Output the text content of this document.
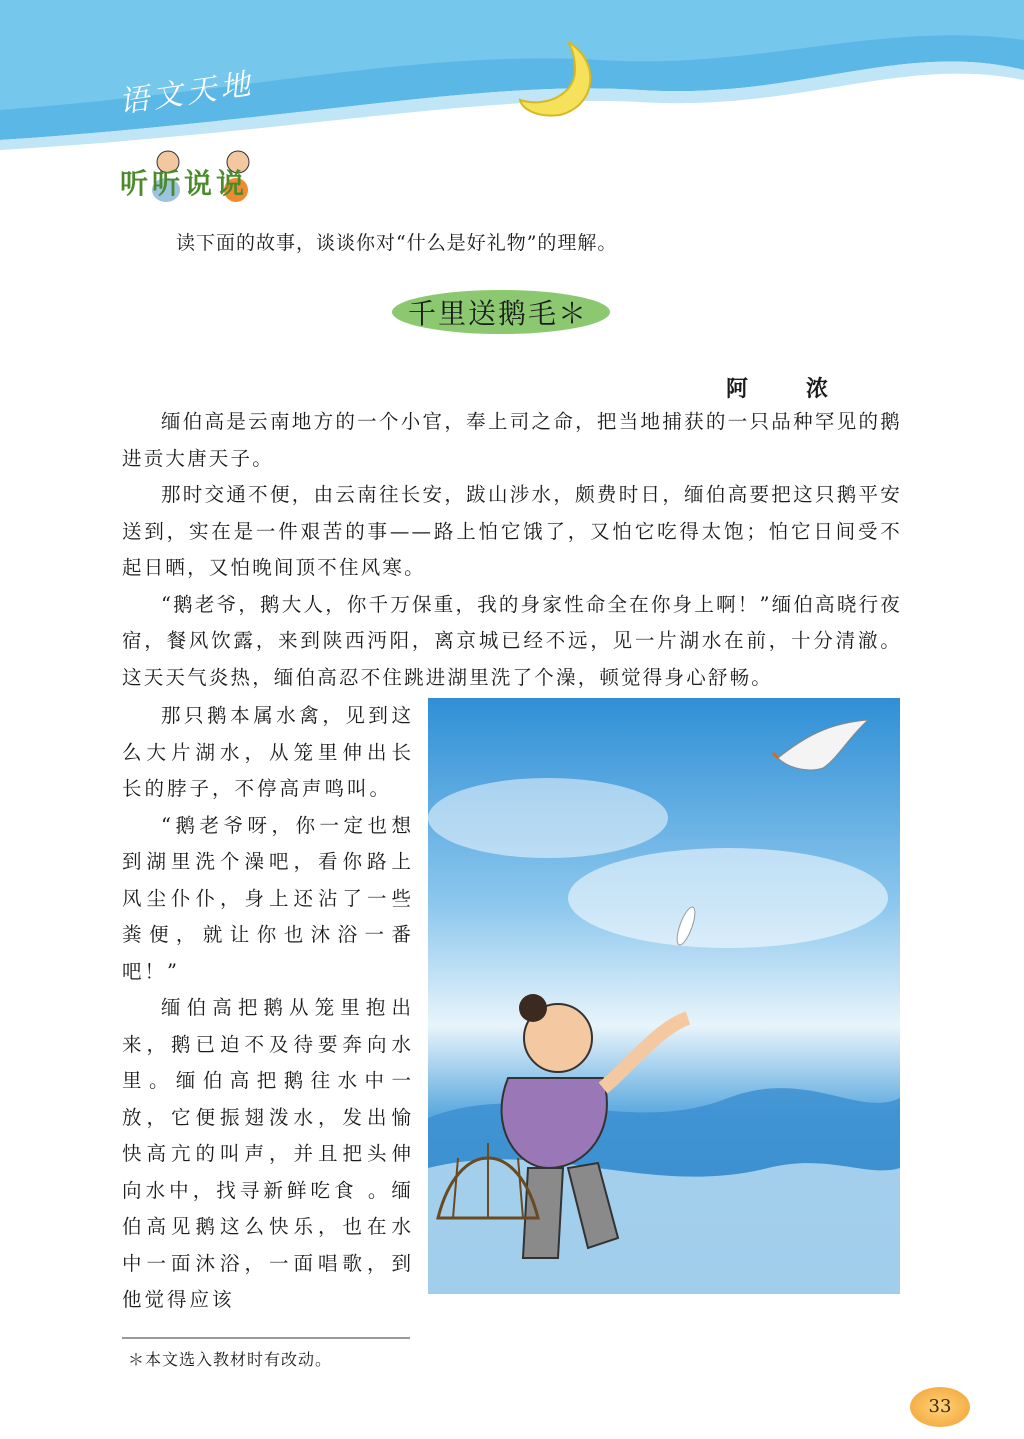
语文天地
听听说说
读下面的故事，谈谈你对“什么是好礼物”的理解。
千里送鹅毛＊
阿　浓

缅伯高是云南地方的一个小官，奉上司之命，把当地捕获的一只品种罕见的鹅进贡大唐天子。

那时交通不便，由云南往长安，跋山涉水，颇费时日，缅伯高要把这只鹅平安送到，实在是一件艰苦的事——路上怕它饿了，又怕它吃得太饱；怕它日间受不起日晒，又怕晚间顶不住风寒。

“鹅老爷，鹅大人，你千万保重，我的身家性命全在你身上啊！”缅伯高晓行夜宿，餐风饮露，来到陕西沔阳，离京城已经不远，见一片湖水在前，十分清澈。这天天气炎热，缅伯高忍不住跳进湖里洗了个澡，顿觉得身心舒畅。

那只鹅本属水禽，见到这么大片湖水，从笼里伸出长长的脖子，不停高声鸣叫。

“鹅老爷呀，你一定也想到湖里洗个澡吧，看你路上风尘仆仆，身上还沾了一些粪便，就让你也沐浴一番吧！”

缅伯高把鹅从笼里抱出来，鹅已迫不及待要奔向水里。缅伯高把鹅往水中一放，它便振翅泼水，发出愉快高亢的叫声，并且把头伸向水中，找寻新鲜吃食 。缅伯高见鹅这么快乐，也在水中一面沐浴，一面唱歌，到他觉得应该

＊本文选入教材时有改动。
33
